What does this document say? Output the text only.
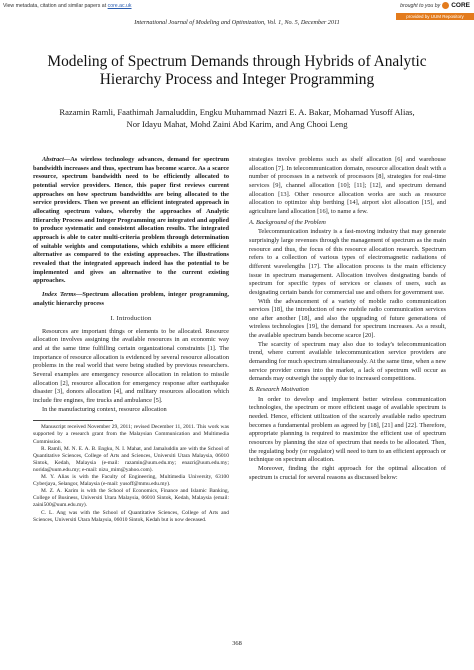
View metadata, citation and similar papers at core.ac.uk	brought to you by CORE
provided by UUM Repository
International Journal of Modeling and Optimization, Vol. 1, No. 5, December 2011
Modeling of Spectrum Demands through Hybrids of Analytic Hierarchy Process and Integer Programming
Razamin Ramli, Faathimah Jamaluddin, Engku Muhammad Nazri E. A. Bakar, Mohamad Yusoff Alias,
Nor Idayu Mahat, Mohd Zaini Abd Karim, and Ang Chooi Leng

Abstract—As wireless technology advances, demand for spectrum bandwidth increases and thus, spectrum has become scarce. As a scarce resource, spectrum bandwidth need to be efficiently allocated to potential service providers. Hence, this paper first reviews current approaches on how spectrum bandwidths are being allocated to the service providers. Then we present an efficient integrated approach in allocating spectrum values, whereby the approaches of Analytic Hierarchy Process and Integer Programming are integrated and applied to produce systematic and consistent allocation results. The integrated approach is able to cater multi-criteria problem through determination of suitable weights and computations, which exhibits a more efficient alternative as compared to the existing approaches. The illustrations revealed that the integrated approach indeed has the potential to be implemented and gives an alternative to the current existing approaches.

Index Terms—Spectrum allocation problem, integer programming, analytic hierarchy process

I. Introduction

Resources are important things or elements to be allocated. Resource allocation involves assigning the available resources in an economic way and at the same time fulfilling certain organizational constraints [1]. The importance of resource allocation is evidenced by several resource allocation problems in the real world that were being studied by previous researchers. Several examples are emergency resource allocation in relation to missile allocation [2], resource allocation for emergency response after earthquake disaster [3], donors allocation [4], and military resources allocation which include fire engines, fire trucks and ambulance [5].

In the manufacturing context, resource allocation

Manuscript received November 29, 2011; revised December 11, 2011. This work was supported by a research grant from the Malaysian Communication and Multimedia Commission.

R. Ramli, M. N. E. A. B. Engku, N. I. Mahat, and Jamaluddin are with the School of Quantitative Sciences, College of Arts and Sciences, Universiti Utara Malaysia, 06010 Sintok, Kedah, Malaysia (e-mail: razamin@uum.edu.my; enazri@uum.edu.my; norida@uum.edu.my; e-mail: nizu_mim@yahoo.com).

M. Y. Alias is with the Faculty of Engineering, Multimedia University, 63100 Cyberjaya, Selangor, Malaysia (e-mail: yusoff@mmu.edu.my).

M. Z. A. Karim is with the School of Economics, Finance and Islamic Banking, College of Business, Universiti Utara Malaysia, 06010 Sintok, Kedah, Malaysia (email: zaini500@uum.edu.my).

C. L. Ang was with the School of Quantitative Sciences, College of Arts and Sciences, Universiti Utara Malaysia, 06010 Sintok, Kedah but is now deceased.

strategies involve problems such as shelf allocation [6] and warehouse allocation [7]. In telecommunication domain, resource allocation dealt with a number of processes in a network of processors [8], strategies for real-time services [9], channel allocation [10]; [11]; [12], and spectrum demand allocation [13]. Other resource allocation works are such as resource allocation to optimize ship berthing [14], airport slot allocation [15], and agriculture land allocation [16], to name a few.

A. Background of the Problem

Telecommunication industry is a fast-moving industry that may generate surprisingly large revenues through the management of spectrum as the main resource and thus, the focus of this resource allocation research. Spectrum refers to a collection of various types of electromagnetic radiations of different wavelengths [17]. The allocation process is the main efficiency issue in spectrum management. Allocation involves designating bands of spectrum for specific types of services or classes of users, such as designating certain bands for commercial use and others for government use.

With the advancement of a variety of mobile radio communication services [18], the introduction of new mobile radio communication services one after another [18], and also the upgrading of future generations of wireless technologies [19], the demand for spectrum increases. As a result, the available spectrum bands become scarce [20].

The scarcity of spectrum may also due to today's telecommunication trend, where current available telecommunication service providers are demanding for much spectrum simultaneously. At the same time, when a new service provider comes into the market, a lack of spectrum will occur as demands may outweigh the supply due to increased competitions.

B. Research Motivation

In order to develop and implement better wireless communication technologies, the spectrum or more efficient usage of available spectrum is needed. Hence, efficient utilization of the scarcely available radio spectrum becomes a fundamental problem as agreed by [18], [21] and [22]. Therefore, appropriate planning is required to maximize the efficient use of spectrum resources by planning the size of spectrum that needs to be allocated. Then, the regulating body (or regulator) will need to turn to an efficient approach or technique on spectrum allocation.

Moreover, finding the right approach for the optimal allocation of spectrum is crucial for several reasons as discussed below:

368
